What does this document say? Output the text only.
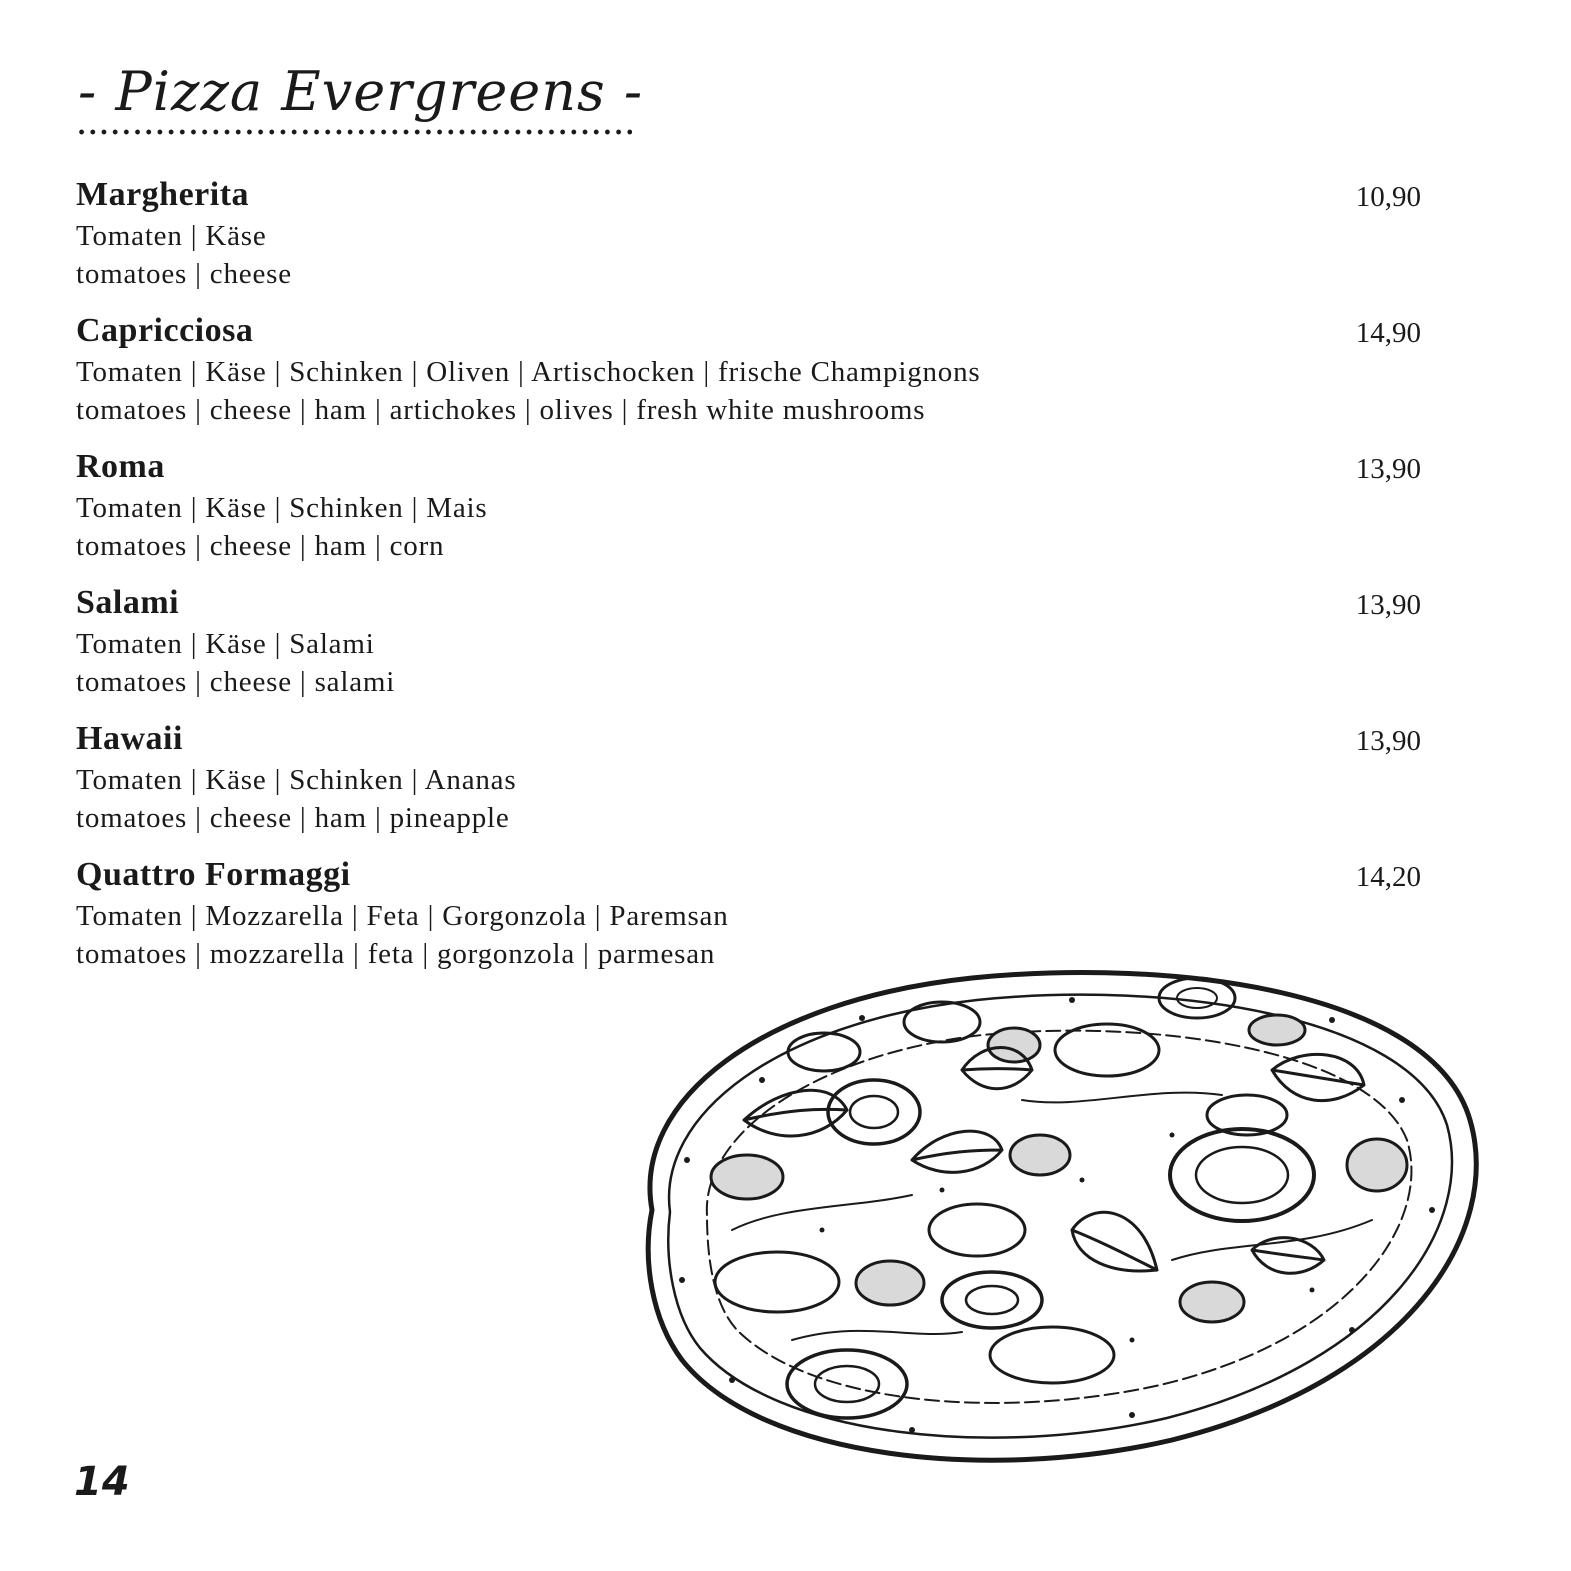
- Pizza Evergreens -
Margherita	10,90
Tomaten | Käse
tomatoes | cheese
Capricciosa	14,90
Tomaten | Käse | Schinken | Oliven | Artischocken | frische Champignons
tomatoes | cheese | ham | artichokes | olives | fresh white mushrooms
Roma	13,90
Tomaten | Käse | Schinken | Mais
tomatoes | cheese | ham | corn
Salami	13,90
Tomaten | Käse | Salami
tomatoes | cheese | salami
Hawaii	13,90
Tomaten | Käse | Schinken | Ananas
tomatoes | cheese | ham | pineapple
Quattro Formaggi	14,20
Tomaten | Mozzarella | Feta | Gorgonzola | Paremsan
tomatoes | mozzarella | feta | gorgonzola | parmesan
14
